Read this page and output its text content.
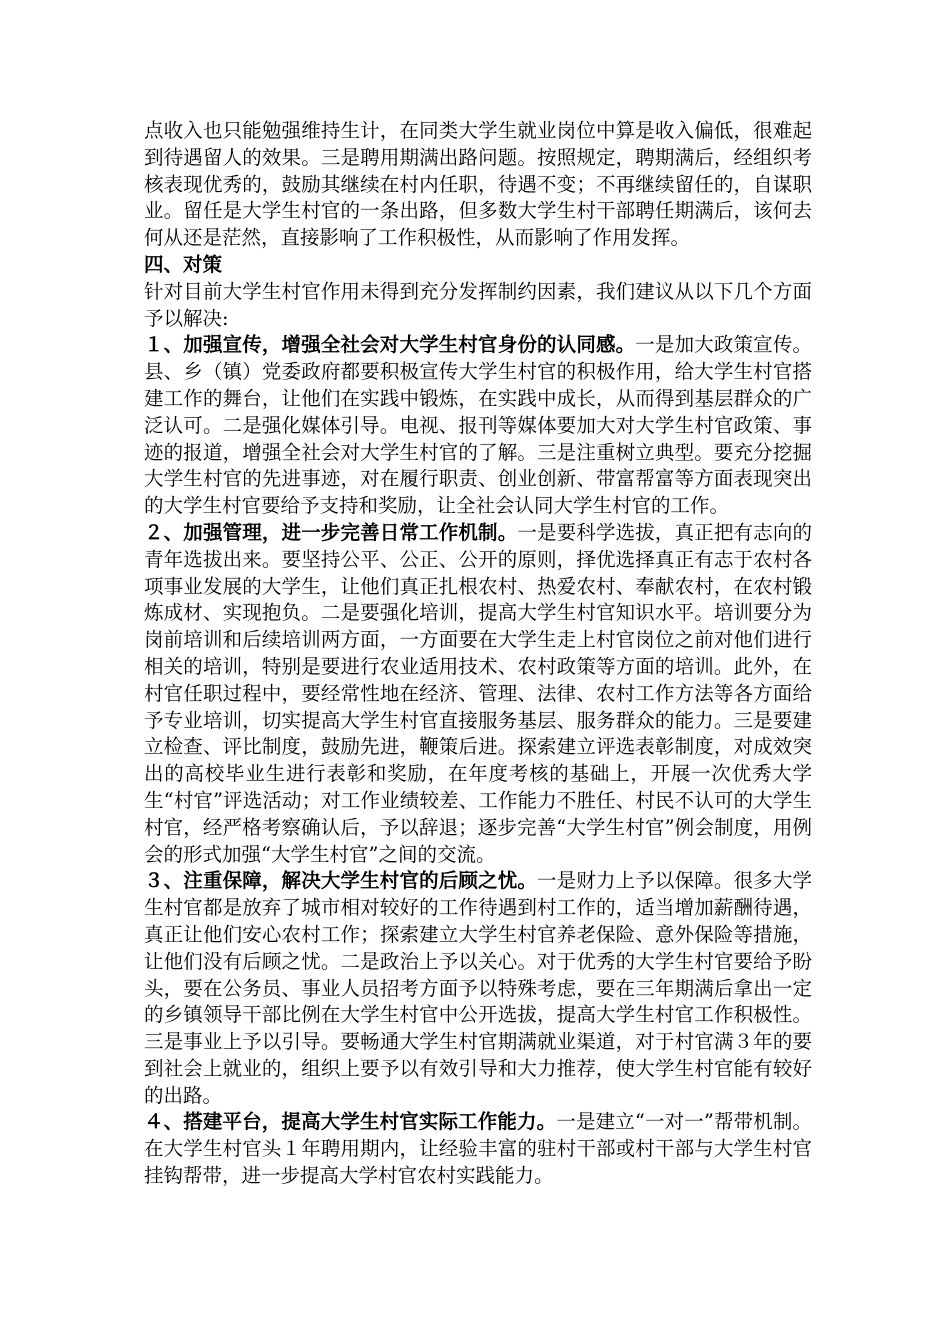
点收入也只能勉强维持生计，在同类大学生就业岗位中算是收入偏低，很难起到待遇留人的效果。三是聘用期满出路问题。按照规定，聘期满后，经组织考核表现优秀的，鼓励其继续在村内任职，待遇不变；不再继续留任的，自谋职业。留任是大学生村官的一条出路，但多数大学生村干部聘任期满后，该何去何从还是茫然，直接影响了工作积极性，从而影响了作用发挥。

四、对策

针对目前大学生村官作用未得到充分发挥制约因素，我们建议从以下几个方面予以解决:

１、加强宣传，增强全社会对大学生村官身份的认同感。一是加大政策宣传。县、乡（镇）党委政府都要积极宣传大学生村官的积极作用，给大学生村官搭建工作的舞台，让他们在实践中锻炼，在实践中成长，从而得到基层群众的广泛认可。二是强化媒体引导。电视、报刊等媒体要加大对大学生村官政策、事迹的报道，增强全社会对大学生村官的了解。三是注重树立典型。要充分挖掘大学生村官的先进事迹，对在履行职责、创业创新、带富帮富等方面表现突出的大学生村官要给予支持和奖励，让全社会认同大学生村官的工作。

２、加强管理，进一步完善日常工作机制。一是要科学选拔，真正把有志向的青年选拔出来。要坚持公平、公正、公开的原则，择优选择真正有志于农村各项事业发展的大学生，让他们真正扎根农村、热爱农村、奉献农村，在农村锻炼成材、实现抱负。二是要强化培训，提高大学生村官知识水平。培训要分为岗前培训和后续培训两方面，一方面要在大学生走上村官岗位之前对他们进行相关的培训，特别是要进行农业适用技术、农村政策等方面的培训。此外，在村官任职过程中，要经常性地在经济、管理、法律、农村工作方法等各方面给予专业培训，切实提高大学生村官直接服务基层、服务群众的能力。三是要建立检查、评比制度，鼓励先进，鞭策后进。探索建立评选表彰制度，对成效突出的高校毕业生进行表彰和奖励，在年度考核的基础上，开展一次优秀大学生“村官”评选活动；对工作业绩较差、工作能力不胜任、村民不认可的大学生村官，经严格考察确认后，予以辞退；逐步完善“大学生村官”例会制度，用例会的形式加强“大学生村官”之间的交流。

３、注重保障，解决大学生村官的后顾之忧。一是财力上予以保障。很多大学生村官都是放弃了城市相对较好的工作待遇到村工作的，适当增加薪酬待遇，真正让他们安心农村工作；探索建立大学生村官养老保险、意外保险等措施，让他们没有后顾之忧。二是政治上予以关心。对于优秀的大学生村官要给予盼头，要在公务员、事业人员招考方面予以特殊考虑，要在三年期满后拿出一定的乡镇领导干部比例在大学生村官中公开选拔，提高大学生村官工作积极性。三是事业上予以引导。要畅通大学生村官期满就业渠道，对于村官满３年的要到社会上就业的，组织上要予以有效引导和大力推荐，使大学生村官能有较好的出路。

４、搭建平台，提高大学生村官实际工作能力。一是建立“一对一”帮带机制。在大学生村官头１年聘用期内，让经验丰富的驻村干部或村干部与大学生村官挂钩帮带，进一步提高大学村官农村实践能力。
